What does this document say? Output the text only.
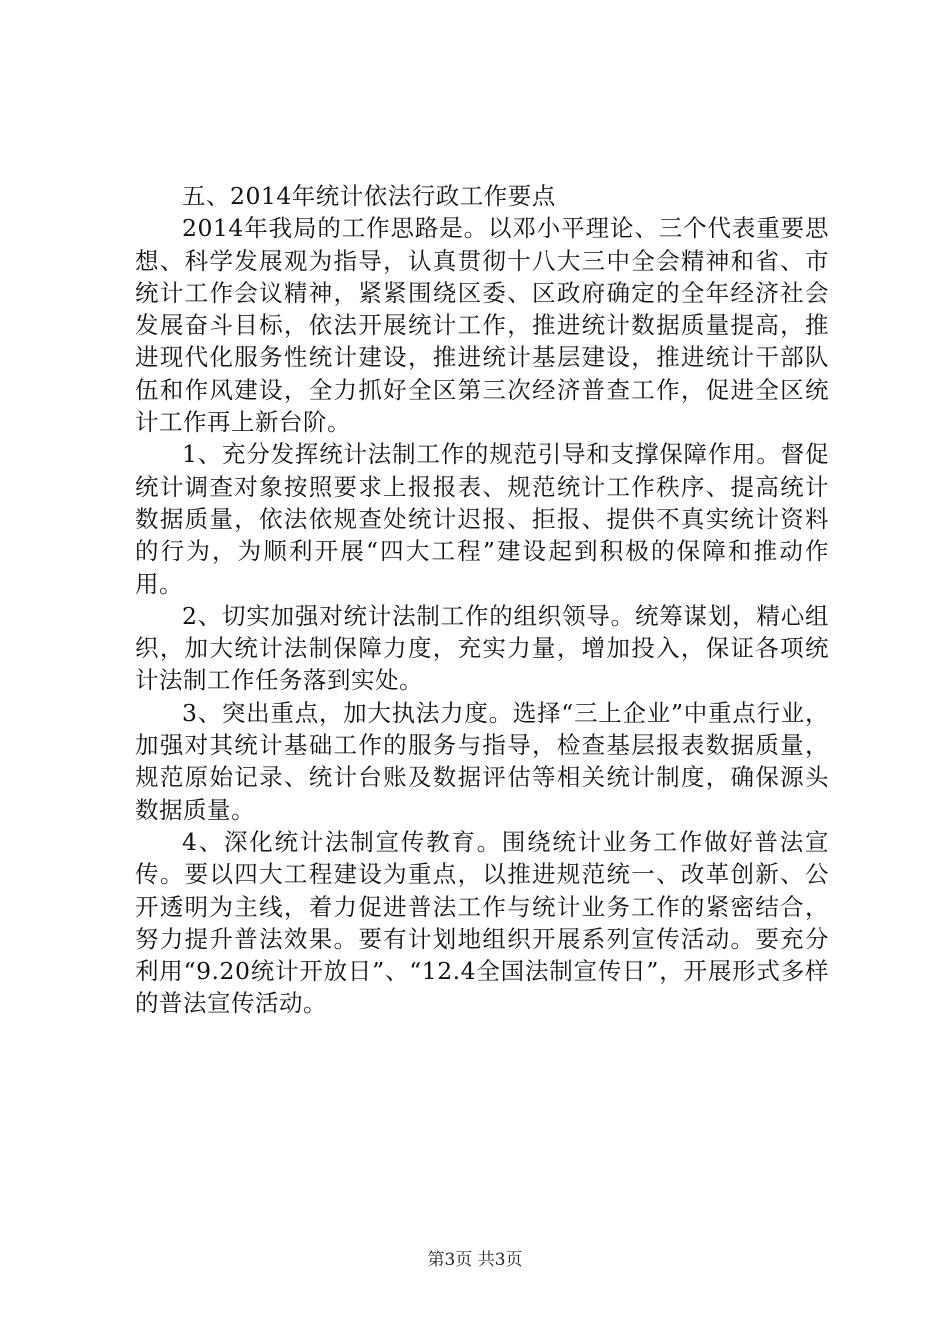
五、2014年统计依法行政工作要点

2014年我局的工作思路是。以邓小平理论、三个代表重要思想、科学发展观为指导，认真贯彻十八大三中全会精神和省、市统计工作会议精神，紧紧围绕区委、区政府确定的全年经济社会发展奋斗目标，依法开展统计工作，推进统计数据质量提高，推进现代化服务性统计建设，推进统计基层建设，推进统计干部队伍和作风建设，全力抓好全区第三次经济普查工作，促进全区统计工作再上新台阶。

1、充分发挥统计法制工作的规范引导和支撑保障作用。督促统计调查对象按照要求上报报表、规范统计工作秩序、提高统计数据质量，依法依规查处统计迟报、拒报、提供不真实统计资料的行为，为顺利开展“四大工程”建设起到积极的保障和推动作用。

2、切实加强对统计法制工作的组织领导。统筹谋划，精心组织，加大统计法制保障力度，充实力量，增加投入，保证各项统计法制工作任务落到实处。

3、突出重点，加大执法力度。选择“三上企业”中重点行业，加强对其统计基础工作的服务与指导，检查基层报表数据质量，规范原始记录、统计台账及数据评估等相关统计制度，确保源头数据质量。

4、深化统计法制宣传教育。围绕统计业务工作做好普法宣传。要以四大工程建设为重点，以推进规范统一、改革创新、公开透明为主线，着力促进普法工作与统计业务工作的紧密结合，努力提升普法效果。要有计划地组织开展系列宣传活动。要充分利用“9.20统计开放日”、“12.4全国法制宣传日”，开展形式多样的普法宣传活动。

第3页 共3页
